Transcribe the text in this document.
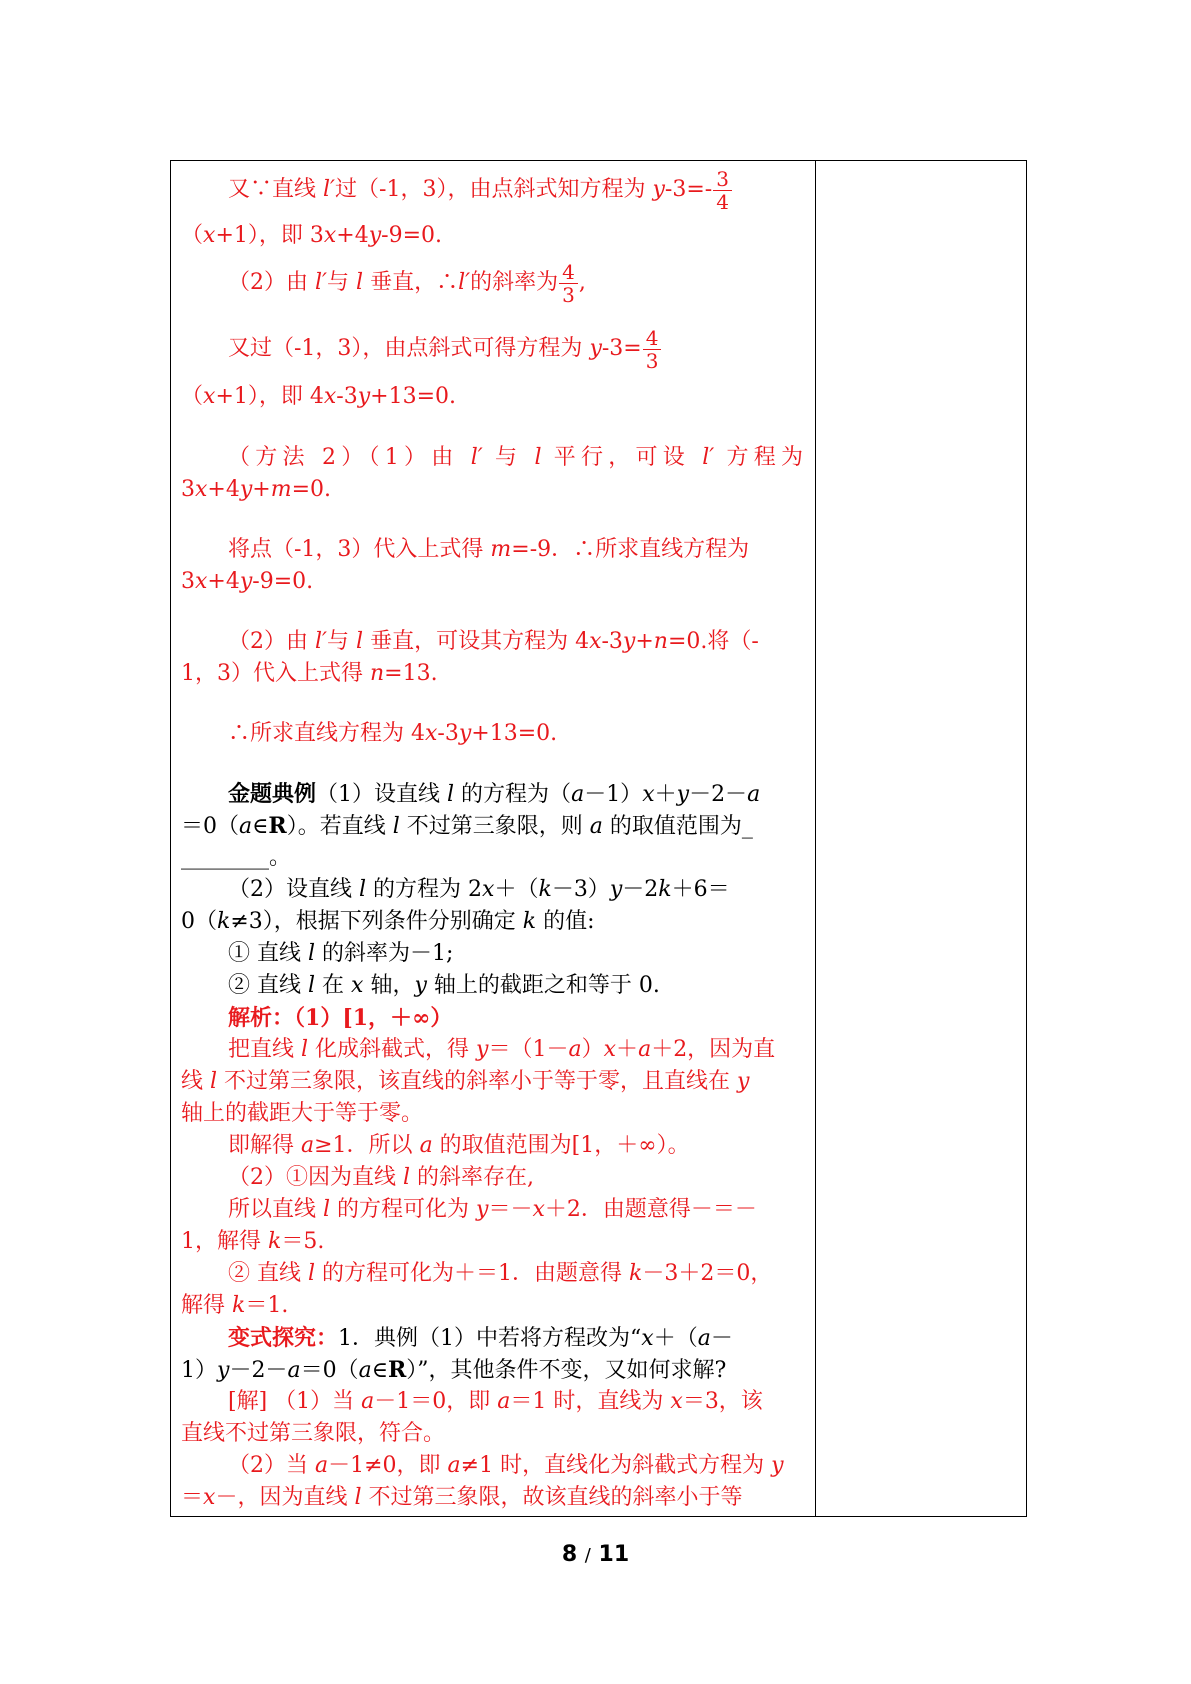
又∵直线 l′过（-1，3），由点斜式知方程为 $y-3=- \frac{3}{4}$
（x+1），即 3x+4y-9=0.
（2）由 l′与 l 垂直，∴l′的斜率为 $\frac{4}{3}$ ,
又过（-1，3），由点斜式可得方程为 $y-3= \frac{4}{3}$
（x+1），即 4x-3y+13=0.
（方法 2）（1）由 l′ 与 l 平行，可设 l′ 方程为
3x+4y+m=0.
将点（-1，3）代入上式得 m=-9．∴所求直线方程为
3x+4y-9=0.
（2）由 l′与 l 垂直，可设其方程为 4x-3y+n=0.将（-
1，3）代入上式得 n=13.
∴所求直线方程为 4x-3y+13=0.
金题典例（1）设直线 l 的方程为（a－1）x＋y－2－a
＝0（a∈R）。若直线 l 不过第三象限，则 a 的取值范围为_
________。
（2）设直线 l 的方程为 2x＋（k－3）y－2k＋6＝
0（k≠3），根据下列条件分别确定 k 的值:
① 直线 l 的斜率为－1;
② 直线 l 在 x 轴，y 轴上的截距之和等于 0.
解析：（1）[1，＋∞）
把直线 l 化成斜截式，得 y＝（1－a）x＋a＋2，因为直
线 l 不过第三象限，该直线的斜率小于等于零，且直线在 y
轴上的截距大于等于零。
即解得 a≥1．所以 a 的取值范围为[1，＋∞）。
（2）①因为直线 l 的斜率存在,
所以直线 l 的方程可化为 y＝－x＋2．由题意得－＝－
1，解得 k＝5.
② 直线 l 的方程可化为＋＝1．由题意得 k－3＋2＝0，
解得 k＝1.
变式探究：1．典例（1）中若将方程改为“x＋（a－
1）y－2－a＝0（a∈R）”，其他条件不变，又如何求解?
[解] （1）当 a－1＝0，即 a＝1 时，直线为 x＝3，该
直线不过第三象限，符合。
（2）当 a－1≠0，即 a≠1 时，直线化为斜截式方程为 y
＝x－，因为直线 l 不过第三象限，故该直线的斜率小于等
8 / 11
